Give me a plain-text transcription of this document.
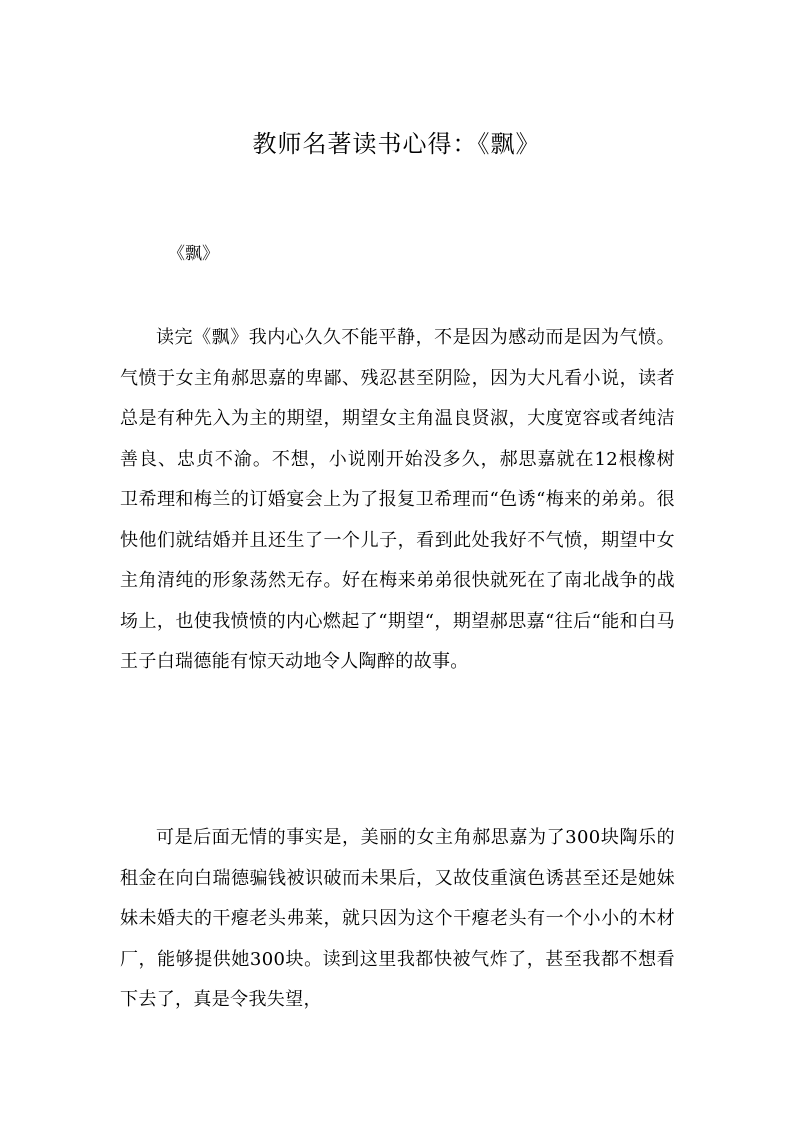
教师名著读书心得：《飘》

《飘》

读完《飘》我内心久久不能平静，不是因为感动而是因为气愤。气愤于女主角郝思嘉的卑鄙、残忍甚至阴险，因为大凡看小说，读者总是有种先入为主的期望，期望女主角温良贤淑，大度宽容或者纯洁善良、忠贞不渝。不想，小说刚开始没多久，郝思嘉就在12根橡树卫希理和梅兰的订婚宴会上为了报复卫希理而“色诱“梅来的弟弟。很快他们就结婚并且还生了一个儿子，看到此处我好不气愤，期望中女主角清纯的形象荡然无存。好在梅来弟弟很快就死在了南北战争的战场上，也使我愤愤的内心燃起了“期望“，期望郝思嘉“往后“能和白马王子白瑞德能有惊天动地令人陶醉的故事。

可是后面无情的事实是，美丽的女主角郝思嘉为了300块陶乐的租金在向白瑞德骗钱被识破而未果后，又故伎重演色诱甚至还是她妹妹未婚夫的干瘪老头弗莱，就只因为这个干瘪老头有一个小小的木材厂，能够提供她300块。读到这里我都快被气炸了，甚至我都不想看下去了，真是令我失望，
